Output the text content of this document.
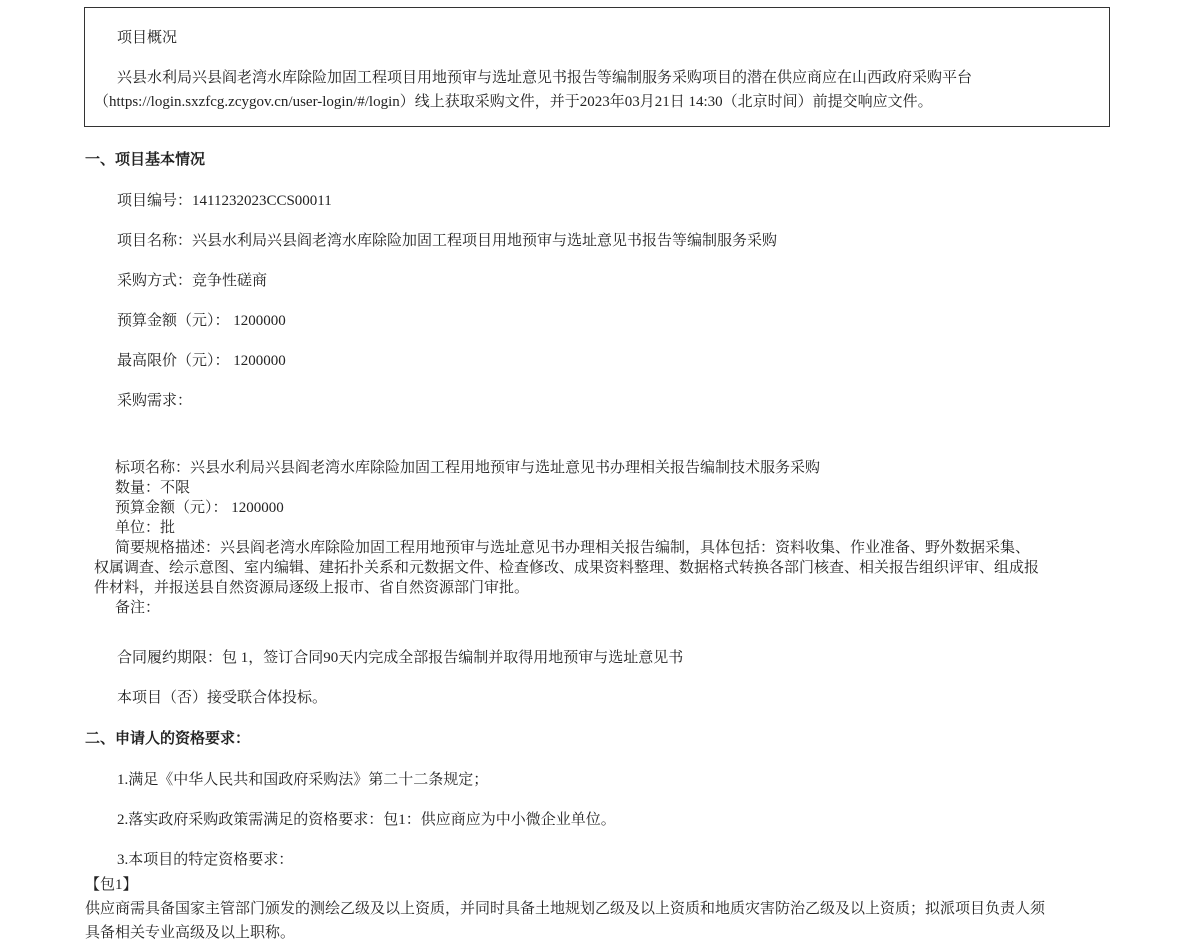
项目概况
兴县水利局兴县阎老湾水库除险加固工程项目用地预审与选址意见书报告等编制服务采购项目的潜在供应商应在山西政府采购平台
（https://login.sxzfcg.zcygov.cn/user-login/#/login）线上获取采购文件，并于2023年03月21日 14:30（北京时间）前提交响应文件。
一、项目基本情况
项目编号：1411232023CCS00011
项目名称：兴县水利局兴县阎老湾水库除险加固工程项目用地预审与选址意见书报告等编制服务采购
采购方式：竞争性磋商
预算金额（元）： 1200000
最高限价（元）： 1200000
采购需求：
标项名称：兴县水利局兴县阎老湾水库除险加固工程用地预审与选址意见书办理相关报告编制技术服务采购
数量：不限
预算金额（元）： 1200000
单位：批
简要规格描述：兴县阎老湾水库除险加固工程用地预审与选址意见书办理相关报告编制，具体包括：资料收集、作业准备、野外数据采集、
权属调查、绘示意图、室内编辑、建拓扑关系和元数据文件、检查修改、成果资料整理、数据格式转换各部门核查、相关报告组织评审、组成报
件材料，并报送县自然资源局逐级上报市、省自然资源部门审批。
备注：
合同履约期限：包 1，签订合同90天内完成全部报告编制并取得用地预审与选址意见书
本项目（否）接受联合体投标。
二、申请人的资格要求：
1.满足《中华人民共和国政府采购法》第二十二条规定；
2.落实政府采购政策需满足的资格要求：包1：供应商应为中小微企业单位。
3.本项目的特定资格要求：
【包1】
供应商需具备国家主管部门颁发的测绘乙级及以上资质，并同时具备土地规划乙级及以上资质和地质灾害防治乙级及以上资质；拟派项目负责人须
具备相关专业高级及以上职称。
